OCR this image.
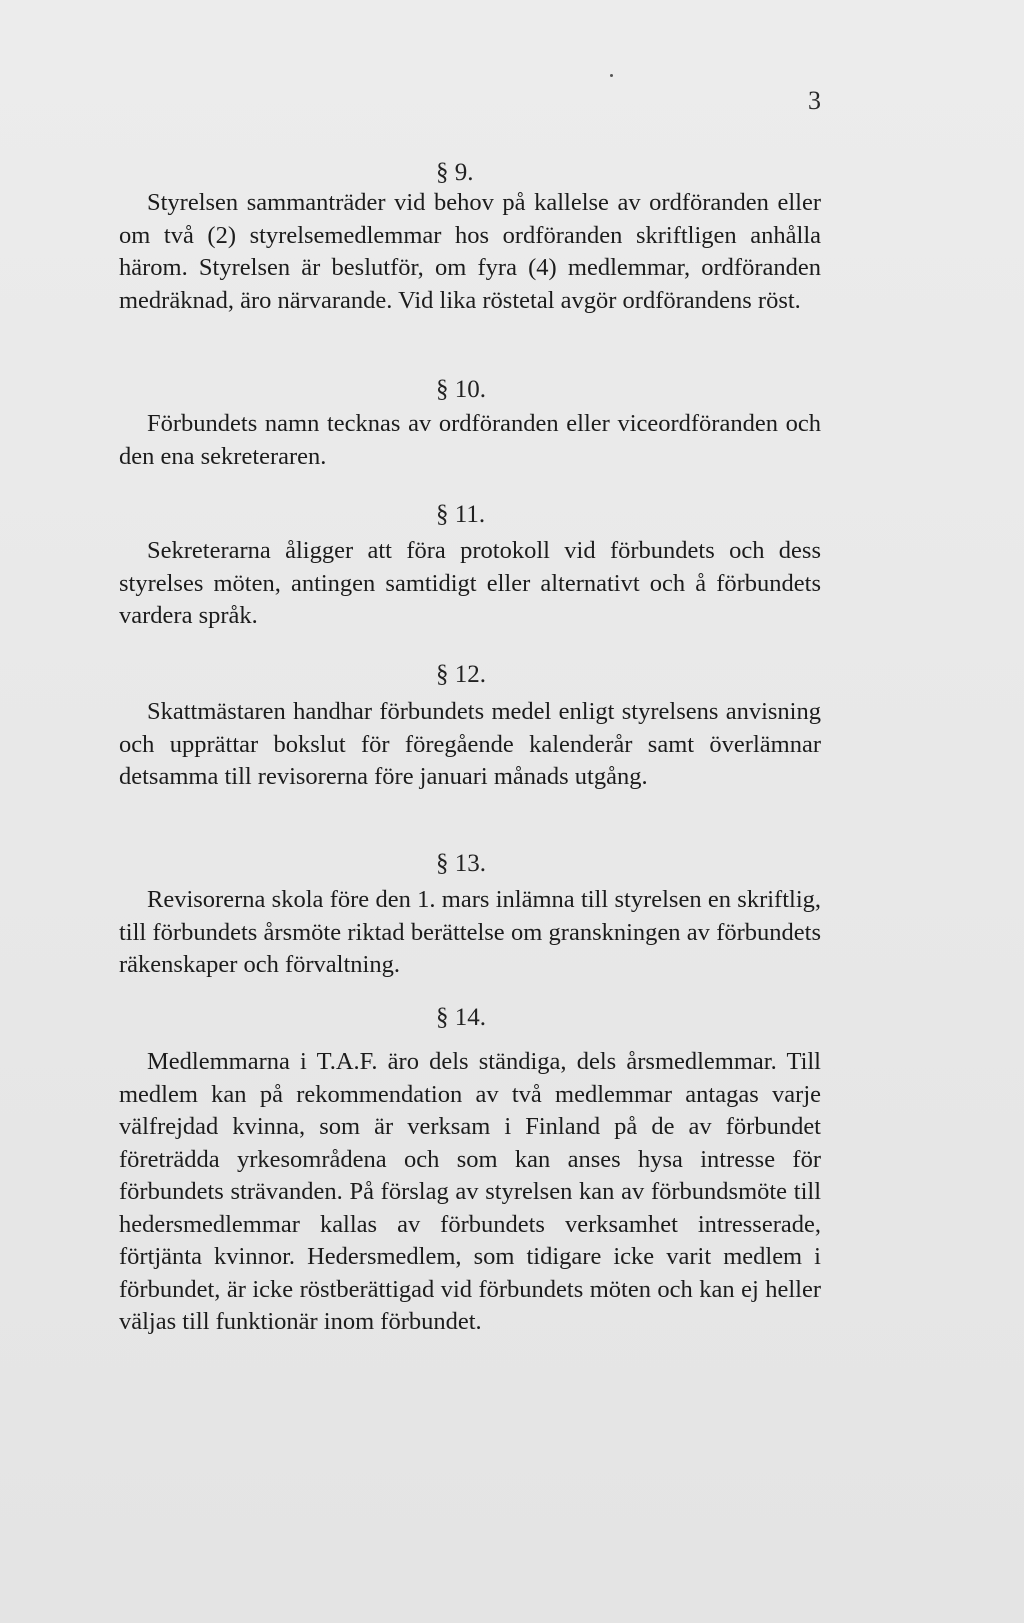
3
§ 9.

Styrelsen sammanträder vid behov på kallelse av ordföranden eller om två (2) styrelsemedlemmar hos ordföranden skriftligen anhålla härom. Styrelsen är beslutför, om fyra (4) medlemmar, ordföranden medräknad, äro närvarande. Vid lika röstetal avgör ordförandens röst.

§ 10.

Förbundets namn tecknas av ordföranden eller viceordföranden och den ena sekreteraren.

§ 11.

Sekreterarna åligger att föra protokoll vid förbundets och dess styrelses möten, antingen samtidigt eller alternativt och å förbundets vardera språk.

§ 12.

Skattmästaren handhar förbundets medel enligt styrelsens anvisning och upprättar bokslut för föregående kalenderår samt överlämnar detsamma till revisorerna före januari månads utgång.

§ 13.

Revisorerna skola före den 1. mars inlämna till styrelsen en skriftlig, till förbundets årsmöte riktad berättelse om granskningen av förbundets räkenskaper och förvaltning.

§ 14.

Medlemmarna i T.A.F. äro dels ständiga, dels årsmedlemmar. Till medlem kan på rekommendation av två medlemmar antagas varje välfrejdad kvinna, som är verksam i Finland på de av förbundet företrädda yrkesområdena och som kan anses hysa intresse för förbundets strävanden. På förslag av styrelsen kan av förbundsmöte till hedersmedlemmar kallas av förbundets verksamhet intresserade, förtjänta kvinnor. Hedersmedlem, som tidigare icke varit medlem i förbundet, är icke röstberättigad vid förbundets möten och kan ej heller väljas till funktionär inom förbundet.
